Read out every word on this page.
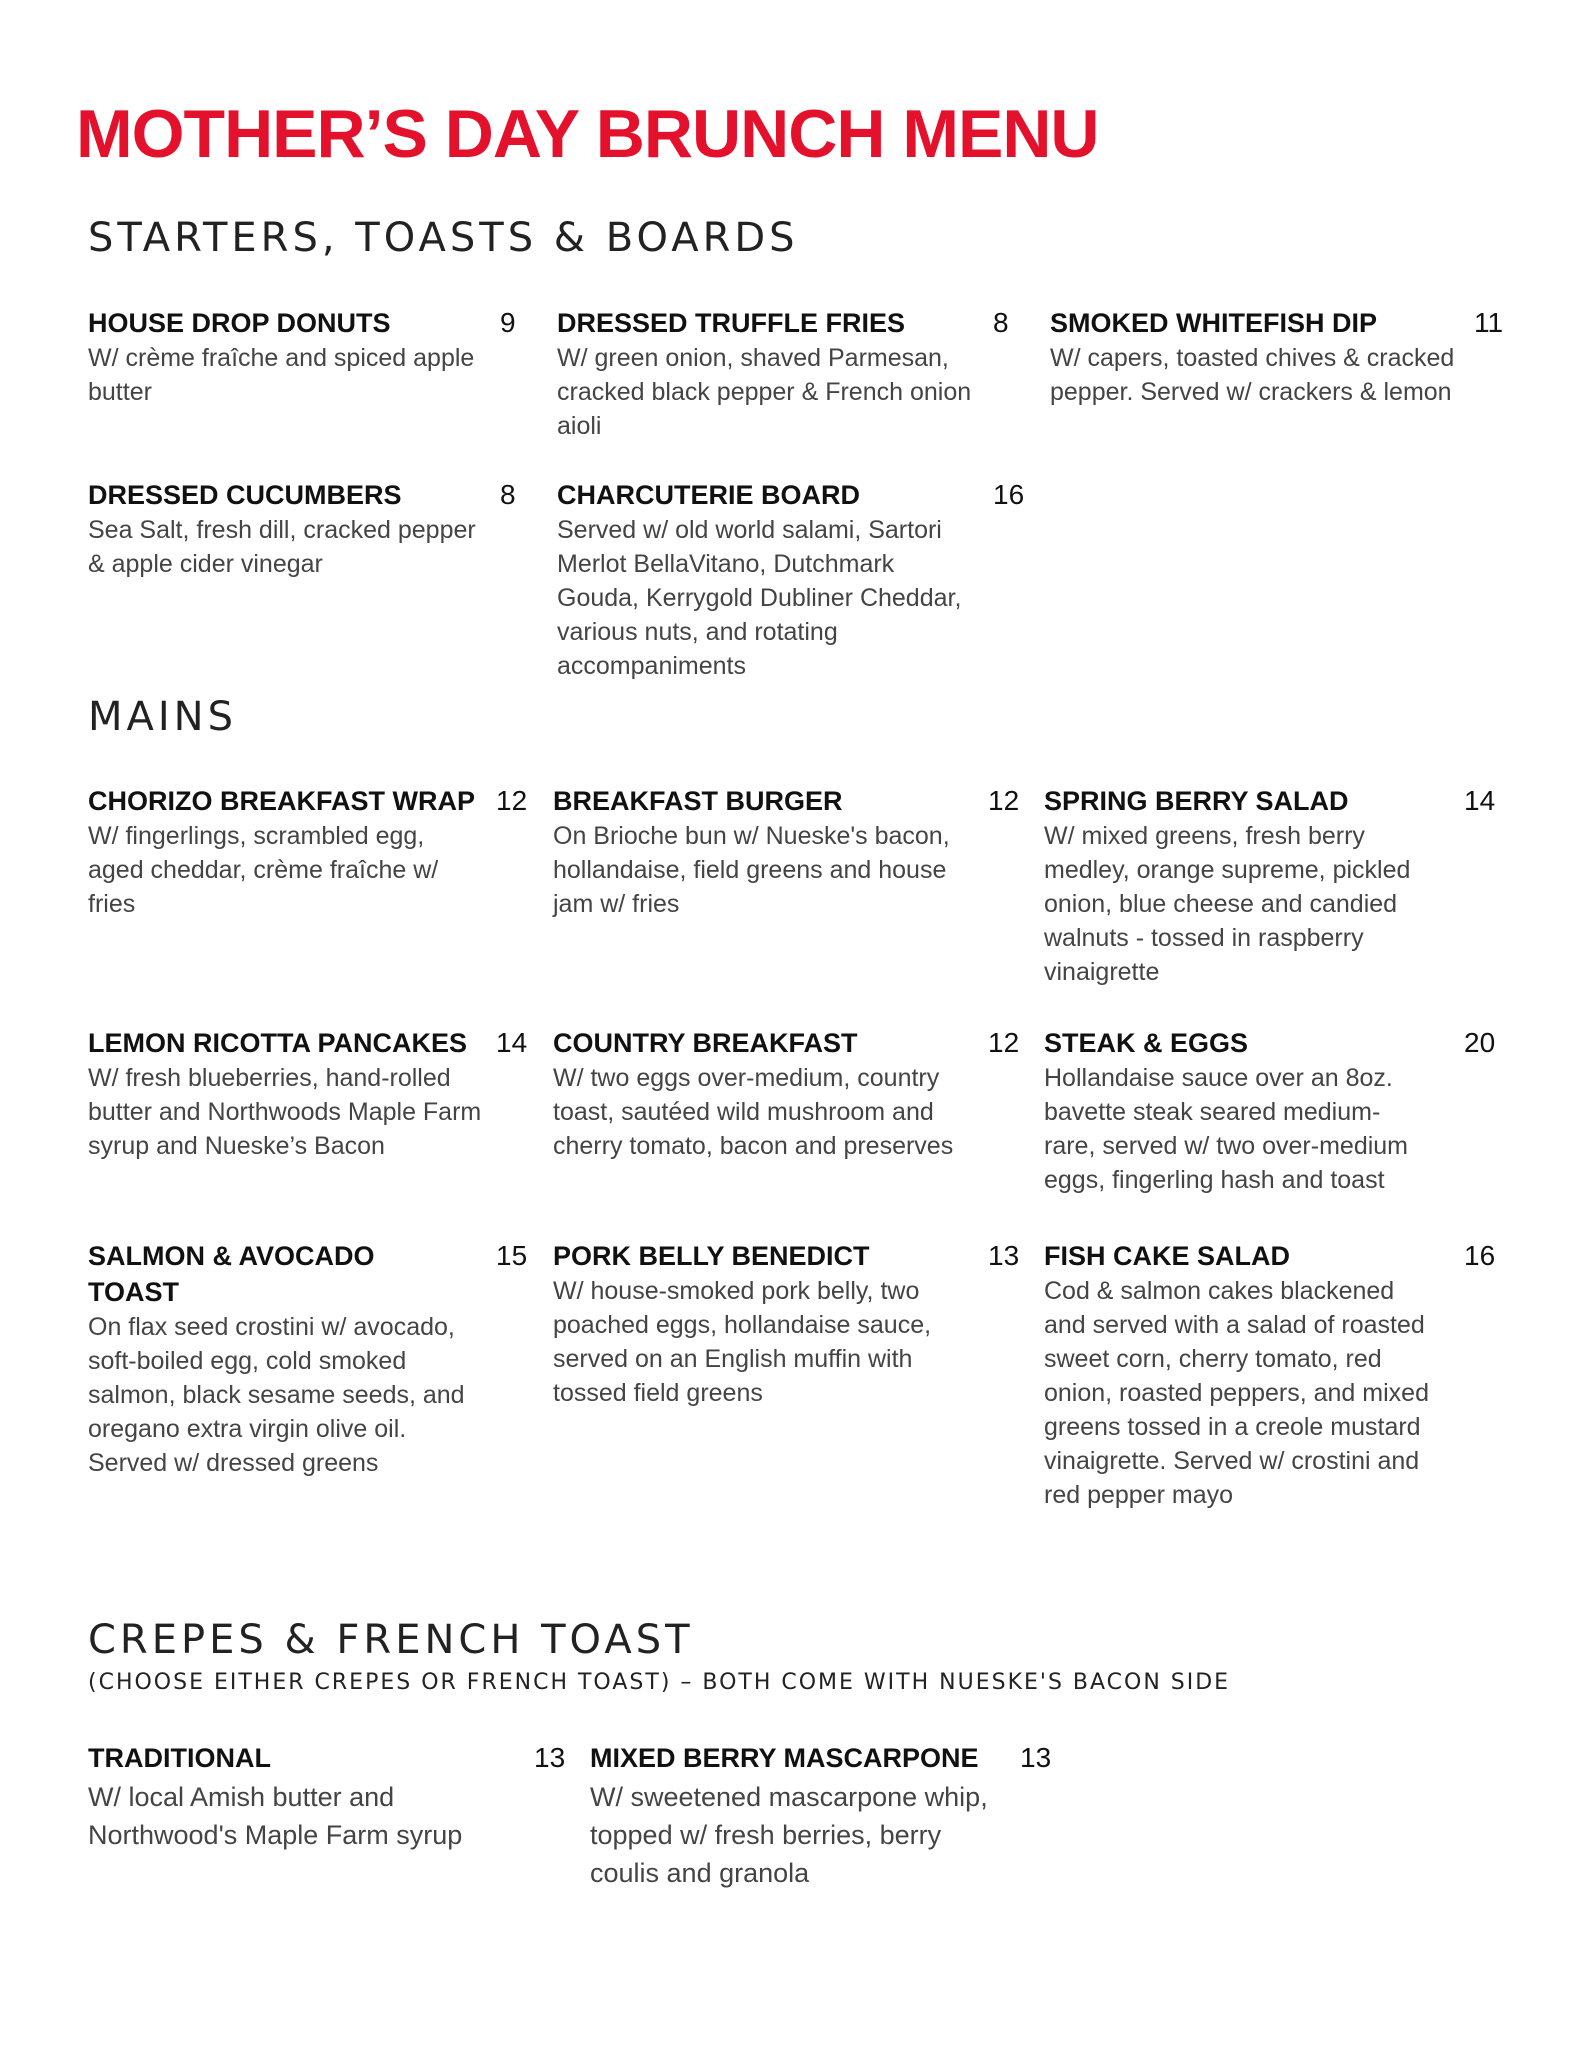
MOTHER’S DAY BRUNCH MENU
STARTERS, TOASTS & BOARDS
HOUSE DROP DONUTS	9
W/ crème fraîche and spiced apple butter
DRESSED TRUFFLE FRIES	8
W/ green onion, shaved Parmesan, cracked black pepper & French onion aioli
SMOKED WHITEFISH DIP	11
W/ capers, toasted chives & cracked pepper. Served w/ crackers & lemon
DRESSED CUCUMBERS	8
Sea Salt, fresh dill, cracked pepper & apple cider vinegar
CHARCUTERIE BOARD	16
Served w/ old world salami, Sartori Merlot BellaVitano, Dutchmark Gouda, Kerrygold Dubliner Cheddar, various nuts, and rotating accompaniments
MAINS
CHORIZO BREAKFAST WRAP 12
W/ fingerlings, scrambled egg, aged cheddar, crème fraîche w/ fries
BREAKFAST BURGER	12
On Brioche bun w/ Nueske's bacon, hollandaise, field greens and house jam w/ fries
SPRING BERRY SALAD	14
W/ mixed greens, fresh berry medley, orange supreme, pickled onion, blue cheese and candied walnuts - tossed in raspberry vinaigrette
LEMON RICOTTA PANCAKES 14
W/ fresh blueberries, hand-rolled butter and Northwoods Maple Farm syrup and Nueske’s Bacon
COUNTRY BREAKFAST	12
W/ two eggs over-medium, country toast, sautéed wild mushroom and cherry tomato, bacon and preserves
STEAK & EGGS	20
Hollandaise sauce over an 8oz. bavette steak seared medium-rare, served w/ two over-medium eggs, fingerling hash and toast
SALMON & AVOCADO TOAST
15
On flax seed crostini w/ avocado, soft-boiled egg, cold smoked salmon, black sesame seeds, and oregano extra virgin olive oil. Served w/ dressed greens
PORK BELLY BENEDICT	13
W/ house-smoked pork belly, two poached eggs, hollandaise sauce, served on an English muffin with tossed field greens
FISH CAKE SALAD	16
Cod & salmon cakes blackened and served with a salad of roasted sweet corn, cherry tomato, red onion, roasted peppers, and mixed greens tossed in a creole mustard vinaigrette. Served w/ crostini and red pepper mayo
CREPES & FRENCH TOAST

(CHOOSE EITHER CREPES OR FRENCH TOAST) – BOTH COME WITH NUESKE'S BACON SIDE

TRADITIONAL	13
W/ local Amish butter and Northwood's Maple Farm syrup
MIXED BERRY MASCARPONE 13
W/ sweetened mascarpone whip, topped w/ fresh berries, berry coulis and granola
